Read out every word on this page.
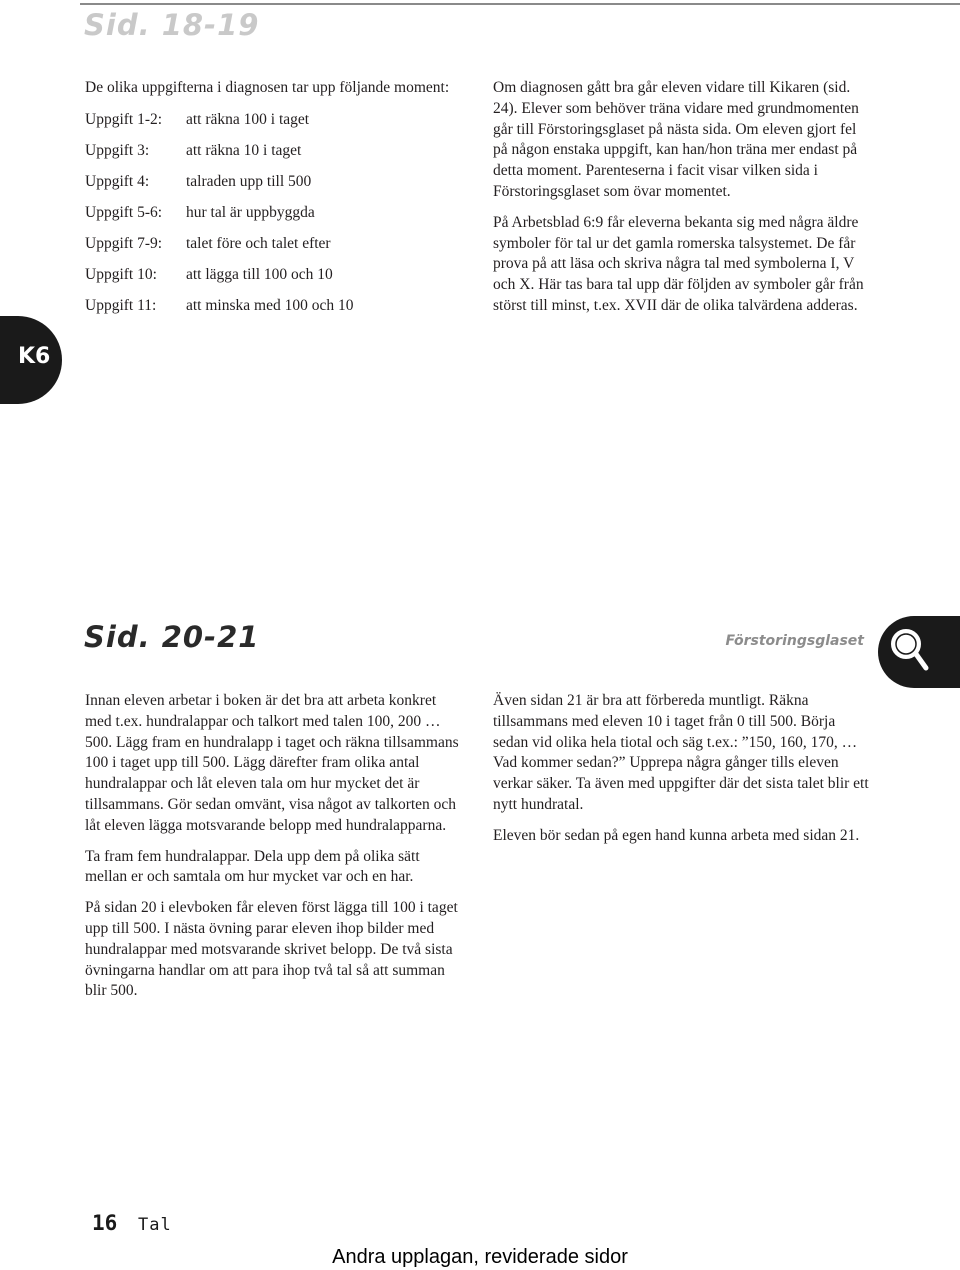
Sid. 18-19

De olika uppgifterna i diagnosen tar upp följande moment:

Uppgift 1-2:	att räkna 100 i taget
Uppgift 3:	att räkna 10 i taget
Uppgift 4:	talraden upp till 500
Uppgift 5-6:	hur tal är uppbyggda
Uppgift 7-9:	talet före och talet efter
Uppgift 10:	att lägga till 100 och 10
Uppgift 11:	att minska med 100 och 10

Om diagnosen gått bra går eleven vidare till Kikaren (sid. 24). Elever som behöver träna vidare med grundmomenten går till Förstoringsglaset på nästa sida. Om eleven gjort fel på någon enstaka uppgift, kan han/hon träna mer endast på detta moment. Parenteserna i facit visar vilken sida i Förstoringsglaset som övar momentet.

På Arbetsblad 6:9 får eleverna bekanta sig med några äldre symboler för tal ur det gamla romerska talsystemet. De får prova på att läsa och skriva några tal med symbolerna I, V och X. Här tas bara tal upp där följden av symboler går från störst till minst, t.ex. XVII där de olika talvärdena adderas.

K6
Sid. 20-21	Förstoringsglaset

Innan eleven arbetar i boken är det bra att arbeta konkret med t.ex. hundralappar och talkort med talen 100, 200 … 500. Lägg fram en hundralapp i taget och räkna tillsammans 100 i taget upp till 500. Lägg därefter fram olika antal hundralappar och låt eleven tala om hur mycket det är tillsammans. Gör sedan omvänt, visa något av talkorten och låt eleven lägga motsvarande belopp med hundralapparna.

Ta fram fem hundralappar. Dela upp dem på olika sätt mellan er och samtala om hur mycket var och en har.

På sidan 20 i elevboken får eleven först lägga till 100 i taget upp till 500. I nästa övning parar eleven ihop bilder med hundralappar med motsvarande skrivet belopp. De två sista övningarna handlar om att para ihop två tal så att summan blir 500.

Även sidan 21 är bra att förbereda muntligt. Räkna tillsammans med eleven 10 i taget från 0 till 500. Börja sedan vid olika hela tiotal och säg t.ex.: ”150, 160, 170, … Vad kommer sedan?” Upprepa några gånger tills eleven verkar säker. Ta även med uppgifter där det sista talet blir ett nytt hundratal.

Eleven bör sedan på egen hand kunna arbeta med sidan 21.

16 Tal
Andra upplagan, reviderade sidor
